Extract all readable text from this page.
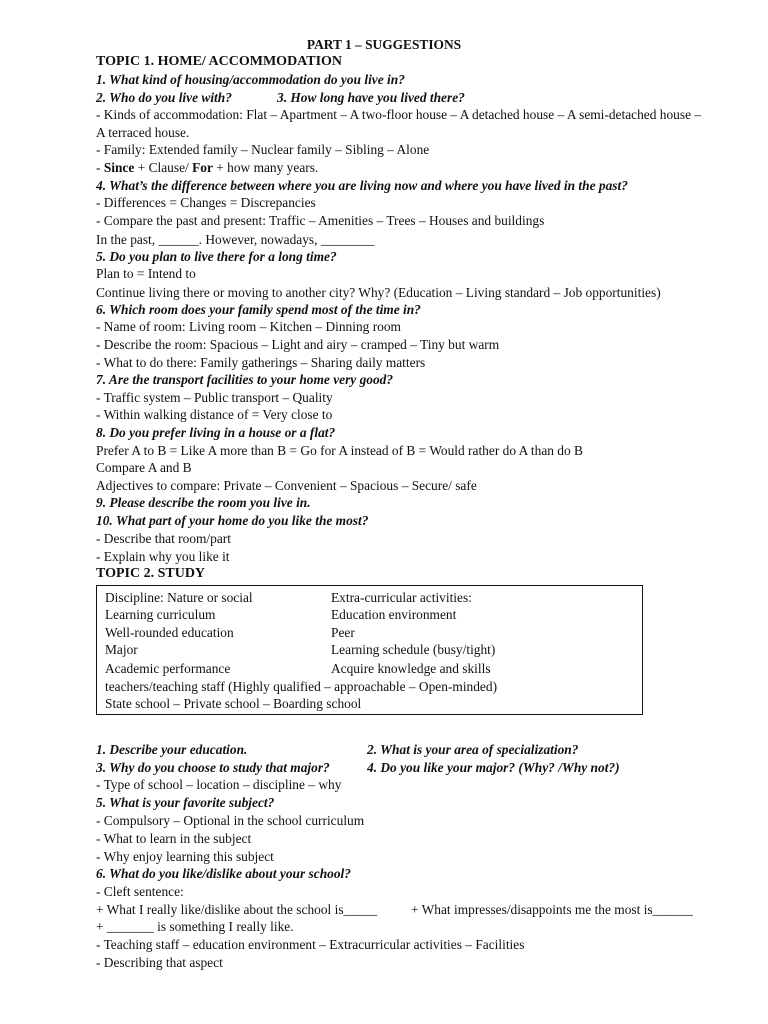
PART 1 – SUGGESTIONS
TOPIC 1. HOME/ ACCOMMODATION
1. What kind of housing/accommodation do you live in?
2. Who do you live with?	3. How long have you lived there?
- Kinds of accommodation: Flat – Apartment – A two-floor house – A detached house – A semi-detached house –
A terraced house.
- Family: Extended family – Nuclear family – Sibling – Alone
- Since + Clause/ For + how many years.
4. What’s the difference between where you are living now and where you have lived in the past?
- Differences = Changes = Discrepancies
- Compare the past and present: Traffic – Amenities – Trees – Houses and buildings
In the past, ______. However, nowadays, ________
5. Do you plan to live there for a long time?
Plan to = Intend to
Continue living there or moving to another city? Why? (Education – Living standard – Job opportunities)
6. Which room does your family spend most of the time in?
- Name of room: Living room – Kitchen – Dinning room
- Describe the room: Spacious – Light and airy – cramped – Tiny but warm
- What to do there: Family gatherings – Sharing daily matters
7. Are the transport facilities to your home very good?
- Traffic system – Public transport – Quality
- Within walking distance of = Very close to
8. Do you prefer living in a house or a flat?
Prefer A to B = Like A more than B = Go for A instead of B = Would rather do A than do B
Compare A and B
Adjectives to compare: Private – Convenient – Spacious – Secure/ safe
9. Please describe the room you live in.
10. What part of your home do you like the most?
- Describe that room/part
- Explain why you like it
TOPIC 2. STUDY
Discipline: Nature or social	Extra-curricular activities:
Learning curriculum	Education environment
Well-rounded education	Peer
Major	Learning schedule (busy/tight)
Academic performance	Acquire knowledge and skills
teachers/teaching staff (Highly qualified – approachable – Open-minded)
State school – Private school – Boarding school
1. Describe your education.	2. What is your area of specialization?
3. Why do you choose to study that major?	4. Do you like your major? (Why? /Why not?)
- Type of school – location – discipline – why
5. What is your favorite subject?
- Compulsory – Optional in the school curriculum
- What to learn in the subject
- Why enjoy learning this subject
6. What do you like/dislike about your school?
- Cleft sentence:
+ What I really like/dislike about the school is_____	+ What impresses/disappoints me the most is______
+ _______ is something I really like.
- Teaching staff – education environment – Extracurricular activities – Facilities
- Describing that aspect
